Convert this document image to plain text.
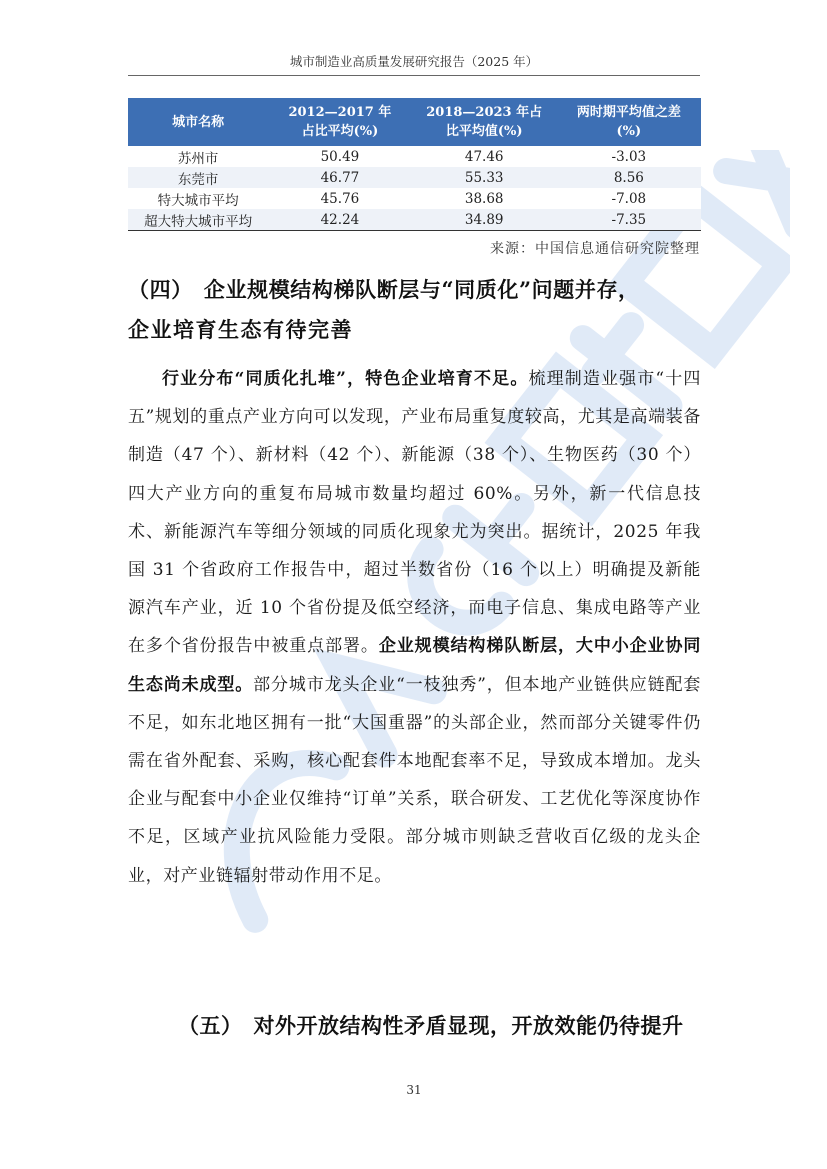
城市制造业高质量发展研究报告（2025 年）
城市名称	2012—2017 年占比平均(%)	2018—2023 年占比平均值(%)	两时期平均值之差(%)
苏州市	50.49	47.46	-3.03
东莞市	46.77	55.33	8.56
特大城市平均	45.76	38.68	-7.08
超大特大城市平均	42.24	34.89	-7.35
来源：中国信息通信研究院整理
（四）　企业规模结构梯队断层与“同质化”问题并存，
企业培育生态有待完善

行业分布“同质化扎堆”，特色企业培育不足。梳理制造业强市“十四五”规划的重点产业方向可以发现，产业布局重复度较高，尤其是高端装备制造（47 个）、新材料（42 个）、新能源（38 个）、生物医药（30 个）四大产业方向的重复布局城市数量均超过 60%。另外，新一代信息技术、新能源汽车等细分领域的同质化现象尤为突出。据统计，2025 年我国 31 个省政府工作报告中，超过半数省份（16 个以上）明确提及新能源汽车产业，近 10 个省份提及低空经济，而电子信息、集成电路等产业在多个省份报告中被重点部署。企业规模结构梯队断层，大中小企业协同生态尚未成型。部分城市龙头企业“一枝独秀”，但本地产业链供应链配套不足，如东北地区拥有一批“大国重器”的头部企业，然而部分关键零件仍需在省外配套、采购，核心配套件本地配套率不足，导致成本增加。龙头企业与配套中小企业仅维持“订单”关系，联合研发、工艺优化等深度协作不足，区域产业抗风险能力受限。部分城市则缺乏营收百亿级的龙头企业，对产业链辐射带动作用不足。

（五）　对外开放结构性矛盾显现，开放效能仍待提升
31
